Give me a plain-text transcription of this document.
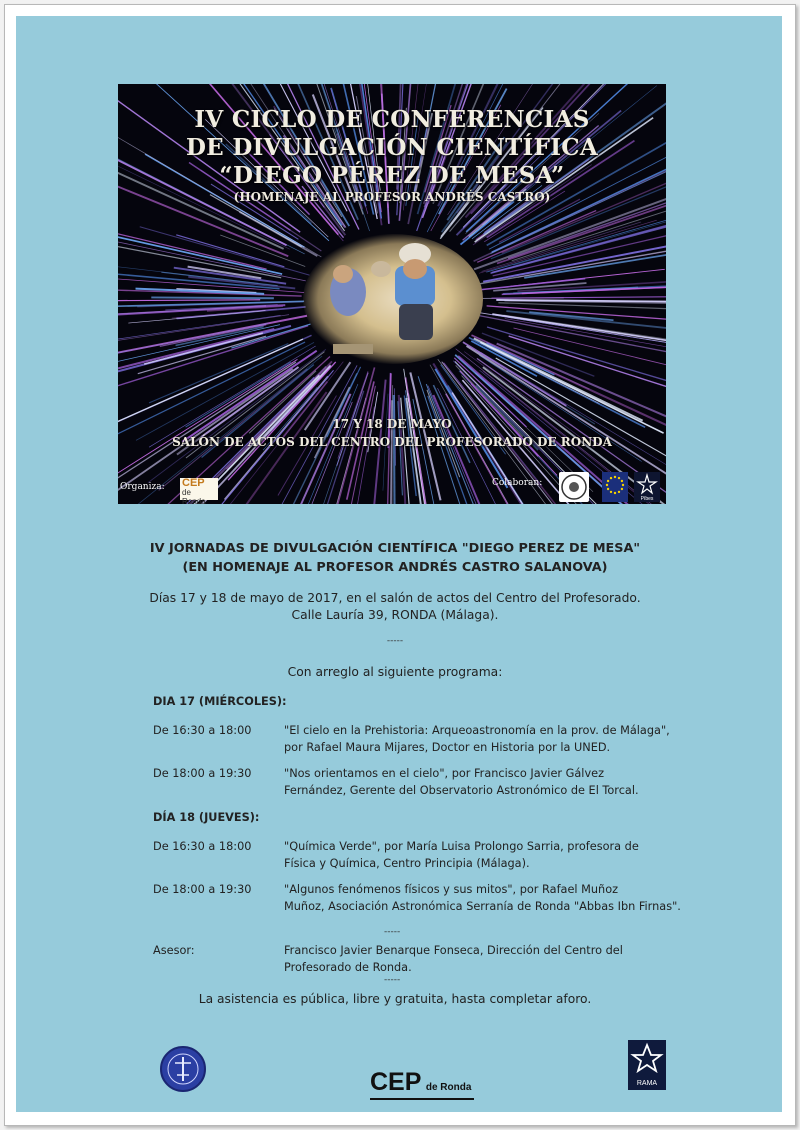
IV CICLO DE CONFERENCIAS
DE DIVULGACIÓN CIENTÍFICA
“DIEGO PÉREZ DE MESA”
(HOMENAJE AL PROFESOR ANDRÉS CASTRO)
17 Y 18 DE MAYO
SALÓN DE ACTOS DEL CENTRO DEL PROFESORADO DE RONDA
Organiza: CEP
de Ronda
Colaboran:
Píbes
IV JORNADAS DE DIVULGACIÓN CIENTÍFICA "DIEGO PEREZ DE MESA"
(EN HOMENAJE AL PROFESOR ANDRÉS CASTRO SALANOVA)
Días 17 y 18 de mayo de 2017, en el salón de actos del Centro del Profesorado.
Calle Lauría 39, RONDA (Málaga).
-----
Con arreglo al siguiente programa:
DIA 17 (MIÉRCOLES):
De 16:30 a 18:00	"El cielo en la Prehistoria: Arqueoastronomía en la prov. de Málaga",
por Rafael Maura Mijares, Doctor en Historia por la UNED.
De 18:00 a 19:30	"Nos orientamos en el cielo", por Francisco Javier Gálvez
Fernández, Gerente del Observatorio Astronómico de El Torcal.
DÍA 18 (JUEVES):
De 16:30 a 18:00	"Química Verde", por María Luisa Prolongo Sarria, profesora de
Física y Química, Centro Principia (Málaga).
De 18:00 a 19:30	"Algunos fenómenos físicos y sus mitos", por Rafael Muñoz
Muñoz, Asociación Astronómica Serranía de Ronda "Abbas Ibn Firnas".
-----
Asesor:	Francisco Javier Benarque Fonseca, Dirección del Centro del
Profesorado de Ronda.
-----
La asistencia es pública, libre y gratuita, hasta completar aforo.
CEP de Ronda	RAMA
